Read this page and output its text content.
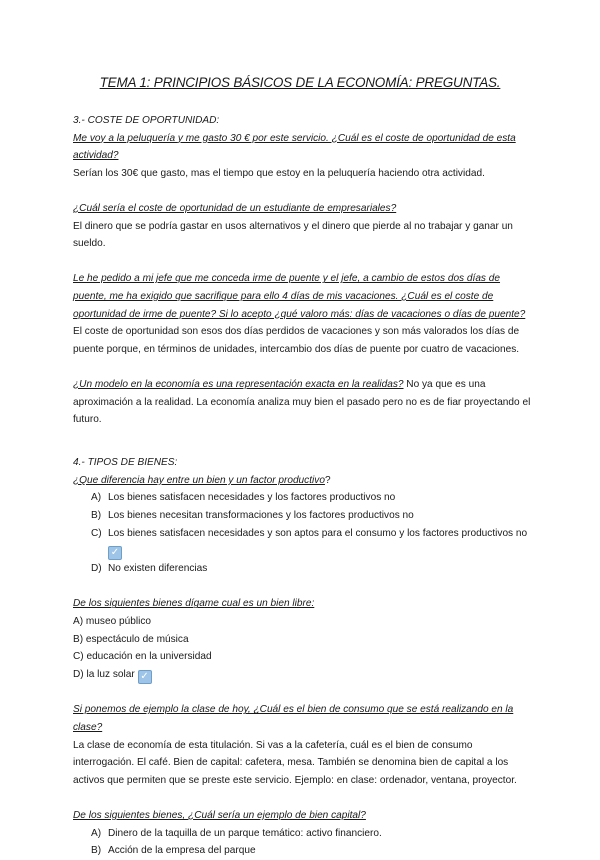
TEMA 1: PRINCIPIOS BÁSICOS DE LA ECONOMÍA: PREGUNTAS.

3.- COSTE DE OPORTUNIDAD:

Me voy a la peluquería y me gasto 30 € por este servicio. ¿Cuál es el coste de oportunidad de esta actividad?

Serían los 30€ que gasto, mas el tiempo que estoy en la peluquería haciendo otra actividad.

¿Cuál sería el coste de oportunidad de un estudiante de empresariales?

El dinero que se podría gastar en usos alternativos y el dinero que pierde al no trabajar y ganar un sueldo.

Le he pedido a mi jefe que me conceda irme de puente y el jefe, a cambio de estos dos días de puente, me ha exigido que sacrifique para ello 4 días de mis vacaciones. ¿Cuál es el coste de oportunidad de irme de puente? Si lo acepto ¿qué valoro más: días de vacaciones o días de puente?

El coste de oportunidad son esos dos días perdidos de vacaciones y son más valorados los días de puente porque, en términos de unidades, intercambio dos días de puente por cuatro de vacaciones.

¿Un modelo en la economía es una representación exacta en la realidas? No ya que es una aproximación a la realidad. La economía analiza muy bien el pasado pero no es de fiar proyectando el futuro.

4.- TIPOS DE BIENES:

¿Que diferencia hay entre un bien y un factor productivo?

A) Los bienes satisfacen necesidades y los factores productivos no
B) Los bienes necesitan transformaciones y los factores productivos no
C) Los bienes satisfacen necesidades y son aptos para el consumo y los factores productivos no
✓
D) No existen diferencias

De los siguientes bienes dígame cual es un bien libre:

A) museo público

B) espectáculo de música

C) educación en la universidad

D) la luz solar ✓

Si ponemos de ejemplo la clase de hoy, ¿Cuál es el bien de consumo que se está realizando en la clase?

La clase de economía de esta titulación. Si vas a la cafetería, cuál es el bien de consumo interrogación. El café. Bien de capital: cafetera, mesa. También se denomina bien de capital a los activos que permiten que se preste este servicio. Ejemplo: en clase: ordenador, ventana, proyector.

De los siguientes bienes, ¿Cuál sería un ejemplo de bien capital?

A) Dinero de la taquilla de un parque temático: activo financiero.
B) Acción de la empresa del parque
